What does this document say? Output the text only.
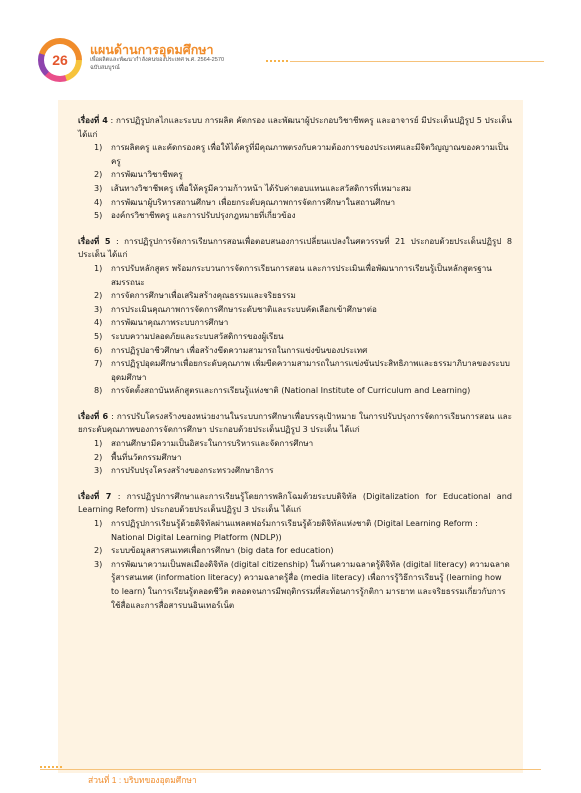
26
แผนด้านการอุดมศึกษา
เพื่อผลิตและพัฒนากำลังคนของประเทศ พ.ศ. 2564-2570
ฉบับสมบูรณ์
เรื่องที่ 4 : การปฏิรูปกลไกและระบบ การผลิต คัดกรอง และพัฒนาผู้ประกอบวิชาชีพครู และอาจารย์ มีประเด็นปฏิรูป 5 ประเด็น ได้แก่
1) การผลิตครู และคัดกรองครู เพื่อให้ได้ครูที่มีคุณภาพตรงกับความต้องการของประเทศและมีจิตวิญญาณของความเป็นครู
2) การพัฒนาวิชาชีพครู
3) เส้นทางวิชาชีพครู เพื่อให้ครูมีความก้าวหน้า ได้รับค่าตอบแทนและสวัสดิการที่เหมาะสม
4) การพัฒนาผู้บริหารสถานศึกษา เพื่อยกระดับคุณภาพการจัดการศึกษาในสถานศึกษา
5) องค์กรวิชาชีพครู และการปรับปรุงกฎหมายที่เกี่ยวข้อง
เรื่องที่ 5 : การปฏิรูปการจัดการเรียนการสอนเพื่อตอบสนองการเปลี่ยนแปลงในศตวรรษที่ 21 ประกอบด้วยประเด็นปฏิรูป 8 ประเด็น ได้แก่
1) การปรับหลักสูตร พร้อมกระบวนการจัดการเรียนการสอน และการประเมินเพื่อพัฒนาการเรียนรู้เป็นหลักสูตรฐานสมรรถนะ
2) การจัดการศึกษาเพื่อเสริมสร้างคุณธรรมและจริยธรรม
3) การประเมินคุณภาพการจัดการศึกษาระดับชาติและระบบคัดเลือกเข้าศึกษาต่อ
4) การพัฒนาคุณภาพระบบการศึกษา
5) ระบบความปลอดภัยและระบบสวัสดิการของผู้เรียน
6) การปฏิรูปอาชีวศึกษา เพื่อสร้างขีดความสามารถในการแข่งขันของประเทศ
7) การปฏิรูปอุดมศึกษาเพื่อยกระดับคุณภาพ เพิ่มขีดความสามารถในการแข่งขันประสิทธิภาพและธรรมาภิบาลของระบบอุดมศึกษา
8) การจัดตั้งสถาบันหลักสูตรและการเรียนรู้แห่งชาติ (National Institute of Curriculum and Learning)
เรื่องที่ 6 : การปรับโครงสร้างของหน่วยงานในระบบการศึกษาเพื่อบรรลุเป้าหมาย ในการปรับปรุงการจัดการเรียนการสอน และยกระดับคุณภาพของการจัดการศึกษา ประกอบด้วยประเด็นปฏิรูป 3 ประเด็น ได้แก่
1) สถานศึกษามีความเป็นอิสระในการบริหารและจัดการศึกษา
2) พื้นที่นวัตกรรมศึกษา
3) การปรับปรุงโครงสร้างของกระทรวงศึกษาธิการ
เรื่องที่ 7 : การปฏิรูปการศึกษาและการเรียนรู้โดยการพลิกโฉมด้วยระบบดิจิทัล (Digitalization for Educational and Learning Reform) ประกอบด้วยประเด็นปฏิรูป 3 ประเด็น ได้แก่
1) การปฏิรูปการเรียนรู้ด้วยดิจิทัลผ่านแพลตฟอร์มการเรียนรู้ด้วยดิจิทัลแห่งชาติ (Digital Learning Reform : National Digital Learning Platform (NDLP))
2) ระบบข้อมูลสารสนเทศเพื่อการศึกษา (big data for education)
3) การพัฒนาความเป็นพลเมืองดิจิทัล (digital citizenship) ในด้านความฉลาดรู้ดิจิทัล (digital literacy) ความฉลาดรู้สารสนเทศ (information literacy) ความฉลาดรู้สื่อ (media literacy) เพื่อการรู้วิธีการเรียนรู้ (learning how to learn) ในการเรียนรู้ตลอดชีวิต ตลอดจนการมีพฤติกรรมที่สะท้อนการรู้กติกา มารยาท และจริยธรรมเกี่ยวกับการใช้สื่อและการสื่อสารบนอินเทอร์เน็ต
ส่วนที่ 1 : บริบทของอุดมศึกษา
